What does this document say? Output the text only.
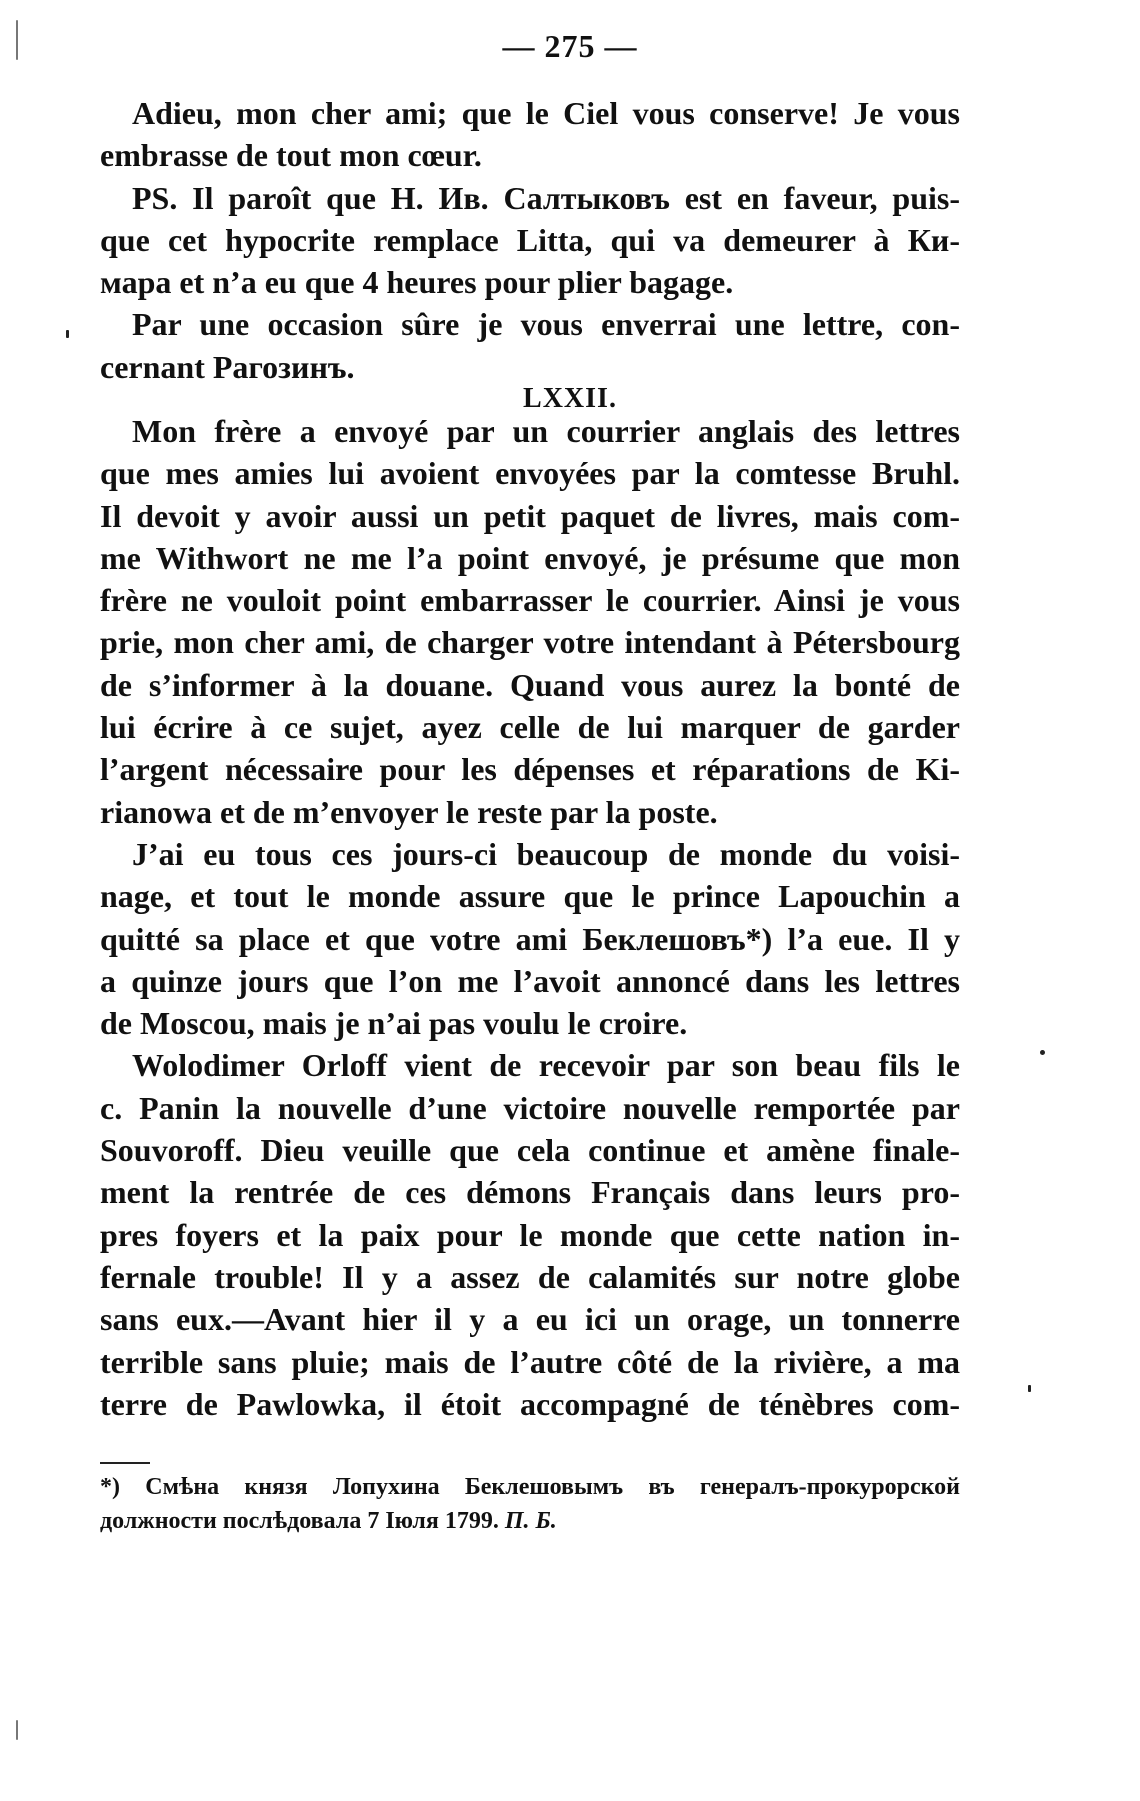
— 275 —
Adieu, mon cher ami; que le Ciel vous conserve! Je vous
embrasse de tout mon cœur.
PS. Il paroît que H. Ив. Салтыковъ est en faveur, puis-
que cet hypocrite remplace Litta, qui va demeurer à Ки-
мара et n’a eu que 4 heures pour plier bagage.
Par une occasion sûre je vous enverrai une lettre, con-
cernant Рагозинъ.
LXXII.
Mon frère a envoyé par un courrier anglais des lettres
que mes amies lui avoient envoyées par la comtesse Bruhl.
Il devoit y avoir aussi un petit paquet de livres, mais com-
me Withwort ne me l’a point envoyé, je présume que mon
frère ne vouloit point embarrasser le courrier. Ainsi je vous
prie, mon cher ami, de charger votre intendant à Pétersbourg
de s’informer à la douane. Quand vous aurez la bonté de
lui écrire à ce sujet, ayez celle de lui marquer de garder
l’argent nécessaire pour les dépenses et réparations de Ki-
rianowa et de m’envoyer le reste par la poste.
J’ai eu tous ces jours-ci beaucoup de monde du voisi-
nage, et tout le monde assure que le prince Lapouchin a
quitté sa place et que votre ami Беклешовъ*) l’a eue. Il y
a quinze jours que l’on me l’avoit annoncé dans les lettres
de Moscou, mais je n’ai pas voulu le croire.
Wolodimer Orloff vient de recevoir par son beau fils le
c. Panin la nouvelle d’une victoire nouvelle remportée par
Souvoroff. Dieu veuille que cela continue et amène finale-
ment la rentrée de ces démons Français dans leurs pro-
pres foyers et la paix pour le monde que cette nation in-
fernale trouble! Il y a assez de calamités sur notre globe
sans eux.—Avant hier il y a eu ici un orage, un tonnerre
terrible sans pluie; mais de l’autre côté de la rivière, a ma
terre de Pawlowka, il étoit accompagné de ténèbres com-
*) Смѣна князя Лопухина Беклешовымъ въ генералъ-прокурорской
должности послѣдовала 7 Іюля 1799. П. Б.
